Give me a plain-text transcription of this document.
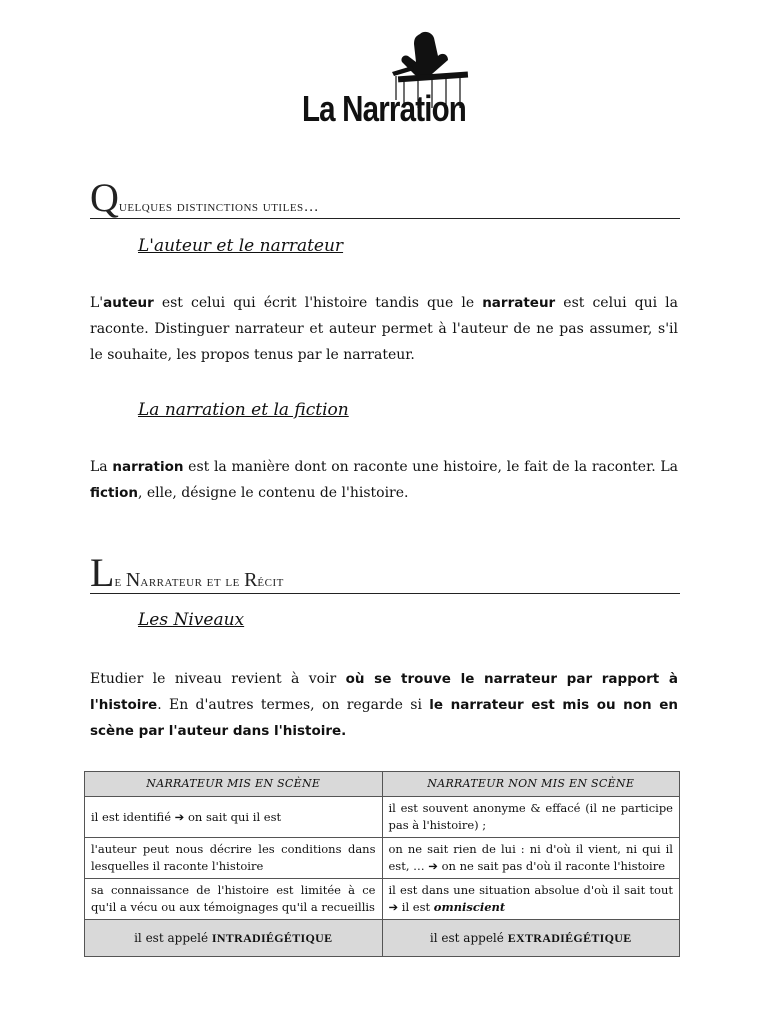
La Narration
Quelques distinctions utiles…
L'auteur et le narrateur
L'auteur est celui qui écrit l'histoire tandis que le narrateur est celui qui la raconte. Distinguer narrateur et auteur permet à l'auteur de ne pas assumer, s'il le souhaite, les propos tenus par le narrateur.
La narration et la fiction
La narration est la manière dont on raconte une histoire, le fait de la raconter. La fiction, elle, désigne le contenu de l'histoire.
Le Narrateur et le Récit
Les Niveaux
Etudier le niveau revient à voir où se trouve le narrateur par rapport à l'histoire. En d'autres termes, on regarde si le narrateur est mis ou non en scène par l'auteur dans l'histoire.
NARRATEUR MIS EN SCÈNE	NARRATEUR NON MIS EN SCÈNE
il est identifié ➔ on sait qui il est	il est souvent anonyme & effacé (il ne participe pas à l'histoire) ;
l'auteur peut nous décrire les conditions dans lesquelles il raconte l'histoire	on ne sait rien de lui : ni d'où il vient, ni qui il est, … ➔ on ne sait pas d'où il raconte l'histoire
sa connaissance de l'histoire est limitée à ce qu'il a vécu ou aux témoignages qu'il a recueillis	il est dans une situation absolue d'où il sait tout ➔ il est omniscient
il est appelé INTRADIÉGÉTIQUE	il est appelé EXTRADIÉGÉTIQUE
